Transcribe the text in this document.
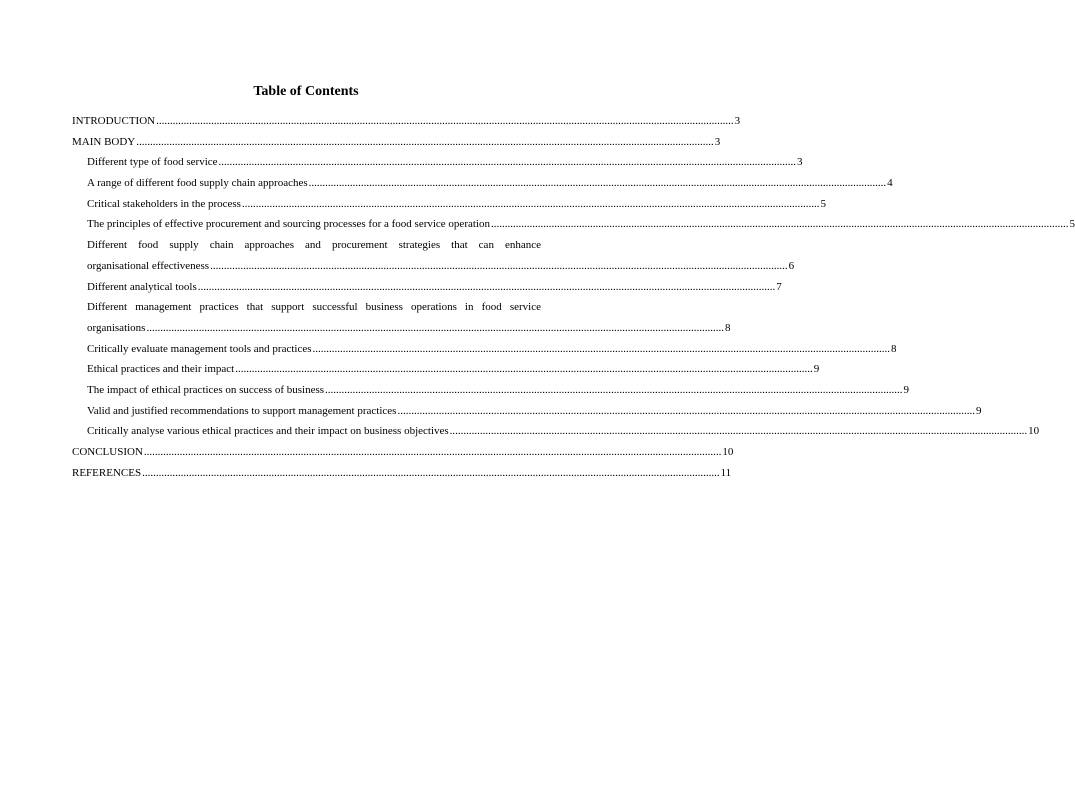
Table of Contents
INTRODUCTION .................................................................................................................................................................................................................. 3
MAIN BODY .................................................................................................................................................................................................................. 3
Different type of food service .................................................................................................................................................................................................................. 3
A range of different food supply chain approaches .................................................................................................................................................................................................................. 4
Critical stakeholders in the process .................................................................................................................................................................................................................. 5
The principles of effective procurement and sourcing processes for a food service operation .................................................................................................................................................................................................................. 5
Different food supply chain approaches and procurement strategies that can enhance
organisational effectiveness .................................................................................................................................................................................................................. 6
Different analytical tools .................................................................................................................................................................................................................. 7
Different management practices that support successful business operations in food service
organisations .................................................................................................................................................................................................................. 8
Critically evaluate management tools and practices .................................................................................................................................................................................................................. 8
Ethical practices and their impact .................................................................................................................................................................................................................. 9
The impact of ethical practices on success of business .................................................................................................................................................................................................................. 9
Valid and justified recommendations to support management practices .................................................................................................................................................................................................................. 9
Critically analyse various ethical practices and their impact on business objectives .................................................................................................................................................................................................................. 10
CONCLUSION .................................................................................................................................................................................................................. 10
REFERENCES .................................................................................................................................................................................................................. 11
